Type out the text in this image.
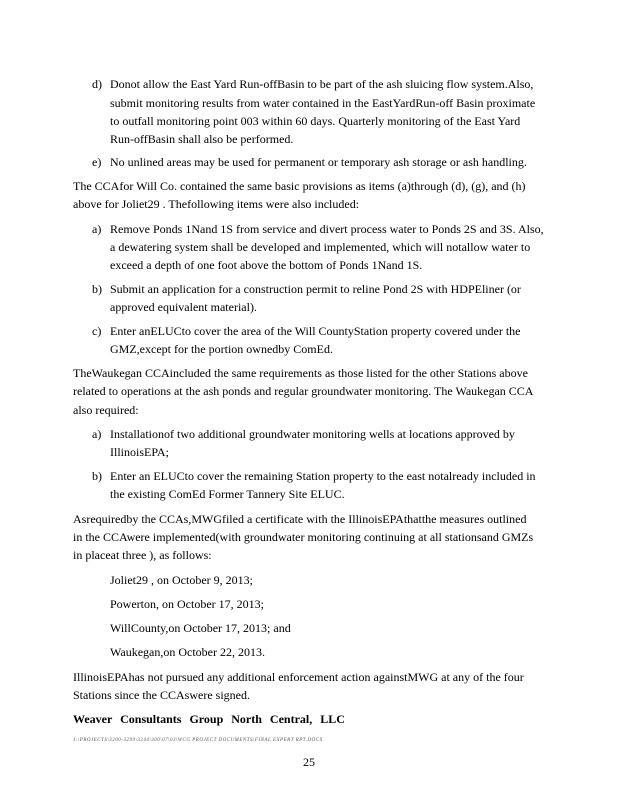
d) Donot allow the East Yard Run-offBasin to be part of the ash sluicing flow system.Also,
submit monitoring results from water contained in the EastYardRun-off Basin proximate
to outfall monitoring point 003 within 60 days. Quarterly monitoring of the East Yard
Run-offBasin shall also be performed.
e) No unlined areas may be used for permanent or temporary ash storage or ash handling.
The CCAfor Will Co. contained the same basic provisions as items (a)through (d), (g), and (h)
above for Joliet29 . Thefollowing items were also included:
a) Remove Ponds 1Nand 1S from service and divert process water to Ponds 2S and 3S. Also,
a dewatering system shall be developed and implemented, which will notallow water to
exceed a depth of one foot above the bottom of Ponds 1Nand 1S.
b) Submit an application for a construction permit to reline Pond 2S with HDPEliner (or
approved equivalent material).
c) Enter anELUCto cover the area of the Will CountyStation property covered under the
GMZ,except for the portion ownedby ComEd.
TheWaukegan CCAincluded the same requirements as those listed for the other Stations above
related to operations at the ash ponds and regular groundwater monitoring. The Waukegan CCA
also required:
a) Installationof two additional groundwater monitoring wells at locations approved by
IllinoisEPA;
b) Enter an ELUCto cover the remaining Station property to the east notalready included in
the existing ComEd Former Tannery Site ELUC.
Asrequiredby the CCAs,MWGfiled a certificate with the IllinoisEPAthatthe measures outlined
in the CCAwere implemented(with groundwater monitoring continuing at all stationsand GMZs
in placeat three ), as follows:
Joliet29 , on October 9, 2013;
Powerton, on October 17, 2013;
WillCounty,on October 17, 2013; and
Waukegan,on October 22, 2013.
IllinoisEPAhas not pursued any additional enforcement action againstMWG at any of the four
Stations since the CCAswere signed.
Weaver Consultants Group North Central, LLC
J:\PROJECTS\3200-3299\3244\300\07\03\WCG PROJECT DOCUMENTS\FINAL EXPERT RPT.DOCX
25
